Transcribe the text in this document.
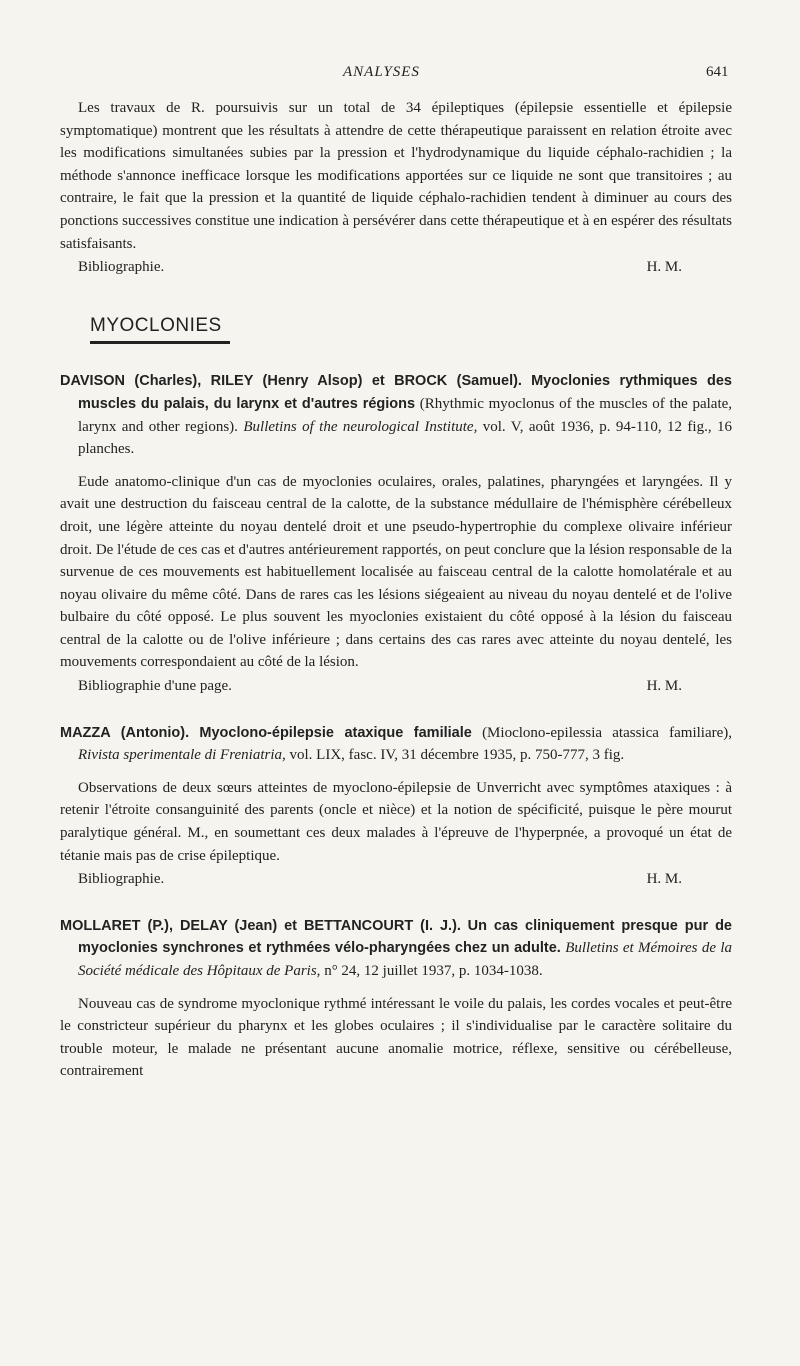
ANALYSES	641

Les travaux de R. poursuivis sur un total de 34 épileptiques (épilepsie essentielle et épilepsie symptomatique) montrent que les résultats à attendre de cette thérapeutique paraissent en relation étroite avec les modifications simultanées subies par la pression et l'hydrodynamique du liquide céphalo-rachidien ; la méthode s'annonce inefficace lorsque les modifications apportées sur ce liquide ne sont que transitoires ; au contraire, le fait que la pression et la quantité de liquide céphalo-rachidien tendent à diminuer au cours des ponctions successives constitue une indication à persévérer dans cette thérapeutique et à en espérer des résultats satisfaisants.

Bibliographie.	H. M.
MYOCLONIES

DAVISON (Charles), RILEY (Henry Alsop) et BROCK (Samuel). Myoclonies rythmiques des muscles du palais, du larynx et d'autres régions (Rhythmic myoclonus of the muscles of the palate, larynx and other regions). Bulletins of the neurological Institute, vol. V, août 1936, p. 94-110, 12 fig., 16 planches.

Eude anatomo-clinique d'un cas de myoclonies oculaires, orales, palatines, pharyngées et laryngées. Il y avait une destruction du faisceau central de la calotte, de la substance médullaire de l'hémisphère cérébelleux droit, une légère atteinte du noyau dentelé droit et une pseudo-hypertrophie du complexe olivaire inférieur droit. De l'étude de ces cas et d'autres antérieurement rapportés, on peut conclure que la lésion responsable de la survenue de ces mouvements est habituellement localisée au faisceau central de la calotte homolatérale et au noyau olivaire du même côté. Dans de rares cas les lésions siégeaient au niveau du noyau dentelé et de l'olive bulbaire du côté opposé. Le plus souvent les myoclonies existaient du côté opposé à la lésion du faisceau central de la calotte ou de l'olive inférieure ; dans certains des cas rares avec atteinte du noyau dentelé, les mouvements correspondaient au côté de la lésion.

Bibliographie d'une page.	H. M.

MAZZA (Antonio). Myoclono-épilepsie ataxique familiale (Mioclono-epilessia atassica familiare), Rivista sperimentale di Freniatria, vol. LIX, fasc. IV, 31 décembre 1935, p. 750-777, 3 fig.

Observations de deux sœurs atteintes de myoclono-épilepsie de Unverricht avec symptômes ataxiques : à retenir l'étroite consanguinité des parents (oncle et nièce) et la notion de spécificité, puisque le père mourut paralytique général. M., en soumettant ces deux malades à l'épreuve de l'hyperpnée, a provoqué un état de tétanie mais pas de crise épileptique.

Bibliographie.	H. M.

MOLLARET (P.), DELAY (Jean) et BETTANCOURT (I. J.). Un cas cliniquement presque pur de myoclonies synchrones et rythmées vélo-pharyngées chez un adulte. Bulletins et Mémoires de la Société médicale des Hôpitaux de Paris, n° 24, 12 juillet 1937, p. 1034-1038.

Nouveau cas de syndrome myoclonique rythmé intéressant le voile du palais, les cordes vocales et peut-être le constricteur supérieur du pharynx et les globes oculaires ; il s'individualise par le caractère solitaire du trouble moteur, le malade ne présentant aucune anomalie motrice, réflexe, sensitive ou cérébelleuse, contrairement
